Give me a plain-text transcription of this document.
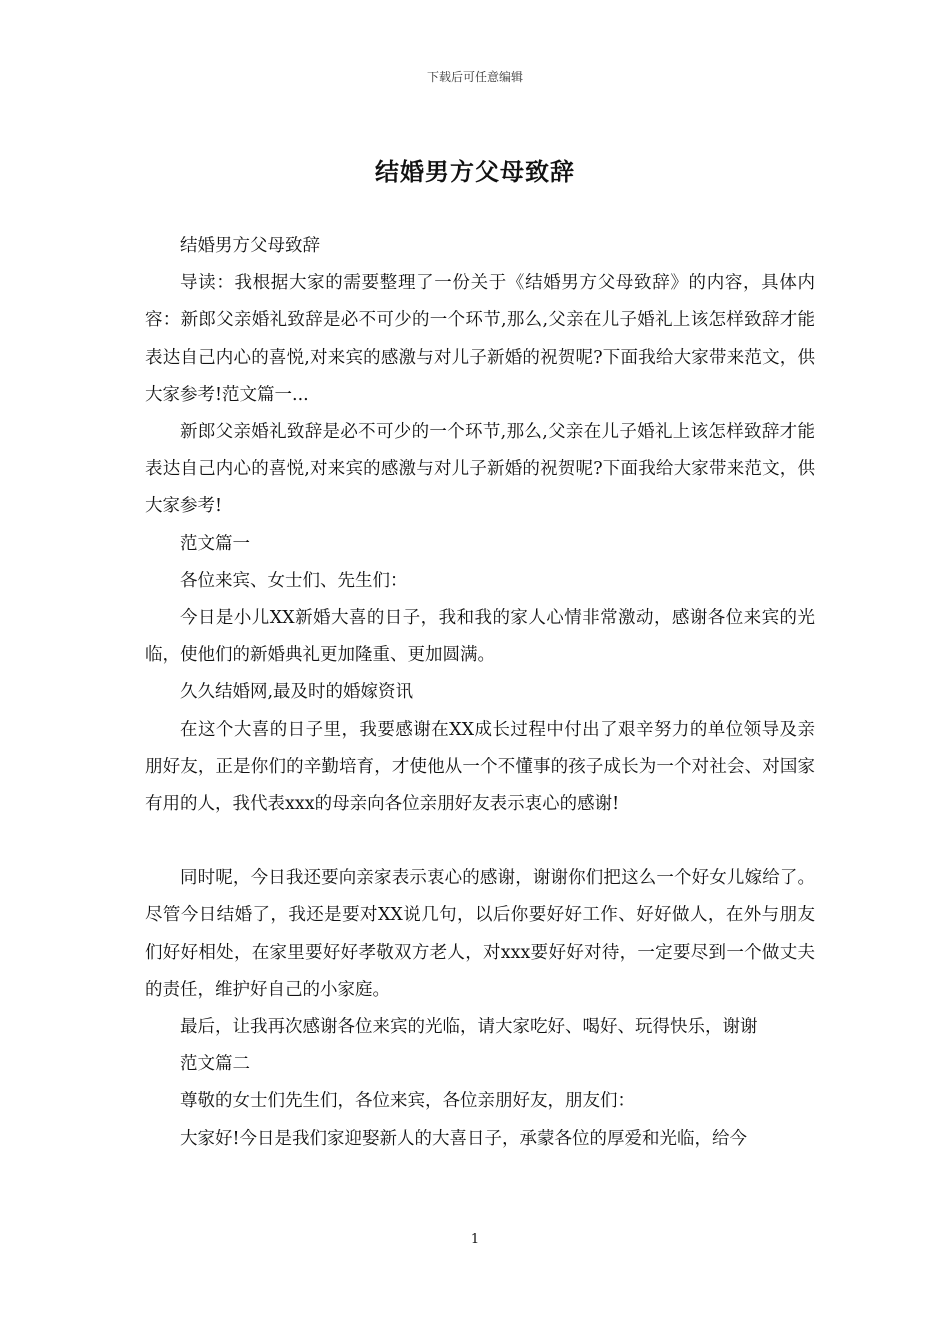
下载后可任意编辑
结婚男方父母致辞

结婚男方父母致辞

导读：我根据大家的需要整理了一份关于《结婚男方父母致辞》的内容，具体内容：新郎父亲婚礼致辞是必不可少的一个环节,那么,父亲在儿子婚礼上该怎样致辞才能表达自己内心的喜悦,对来宾的感激与对儿子新婚的祝贺呢?下面我给大家带来范文，供大家参考!范文篇一...

新郎父亲婚礼致辞是必不可少的一个环节,那么,父亲在儿子婚礼上该怎样致辞才能表达自己内心的喜悦,对来宾的感激与对儿子新婚的祝贺呢?下面我给大家带来范文，供大家参考!

范文篇一

各位来宾、女士们、先生们：

今日是小儿XX新婚大喜的日子，我和我的家人心情非常激动，感谢各位来宾的光临，使他们的新婚典礼更加隆重、更加圆满。

久久结婚网,最及时的婚嫁资讯

在这个大喜的日子里，我要感谢在XX成长过程中付出了艰辛努力的单位领导及亲朋好友，正是你们的辛勤培育，才使他从一个不懂事的孩子成长为一个对社会、对国家有用的人，我代表xxx的母亲向各位亲朋好友表示衷心的感谢!

同时呢，今日我还要向亲家表示衷心的感谢，谢谢你们把这么一个好女儿嫁给了。尽管今日结婚了，我还是要对XX说几句，以后你要好好工作、好好做人，在外与朋友们好好相处，在家里要好好孝敬双方老人，对xxx要好好对待，一定要尽到一个做丈夫的责任，维护好自己的小家庭。

最后，让我再次感谢各位来宾的光临，请大家吃好、喝好、玩得快乐，谢谢

范文篇二

尊敬的女士们先生们，各位来宾，各位亲朋好友，朋友们：

大家好!今日是我们家迎娶新人的大喜日子，承蒙各位的厚爱和光临，给今

1
